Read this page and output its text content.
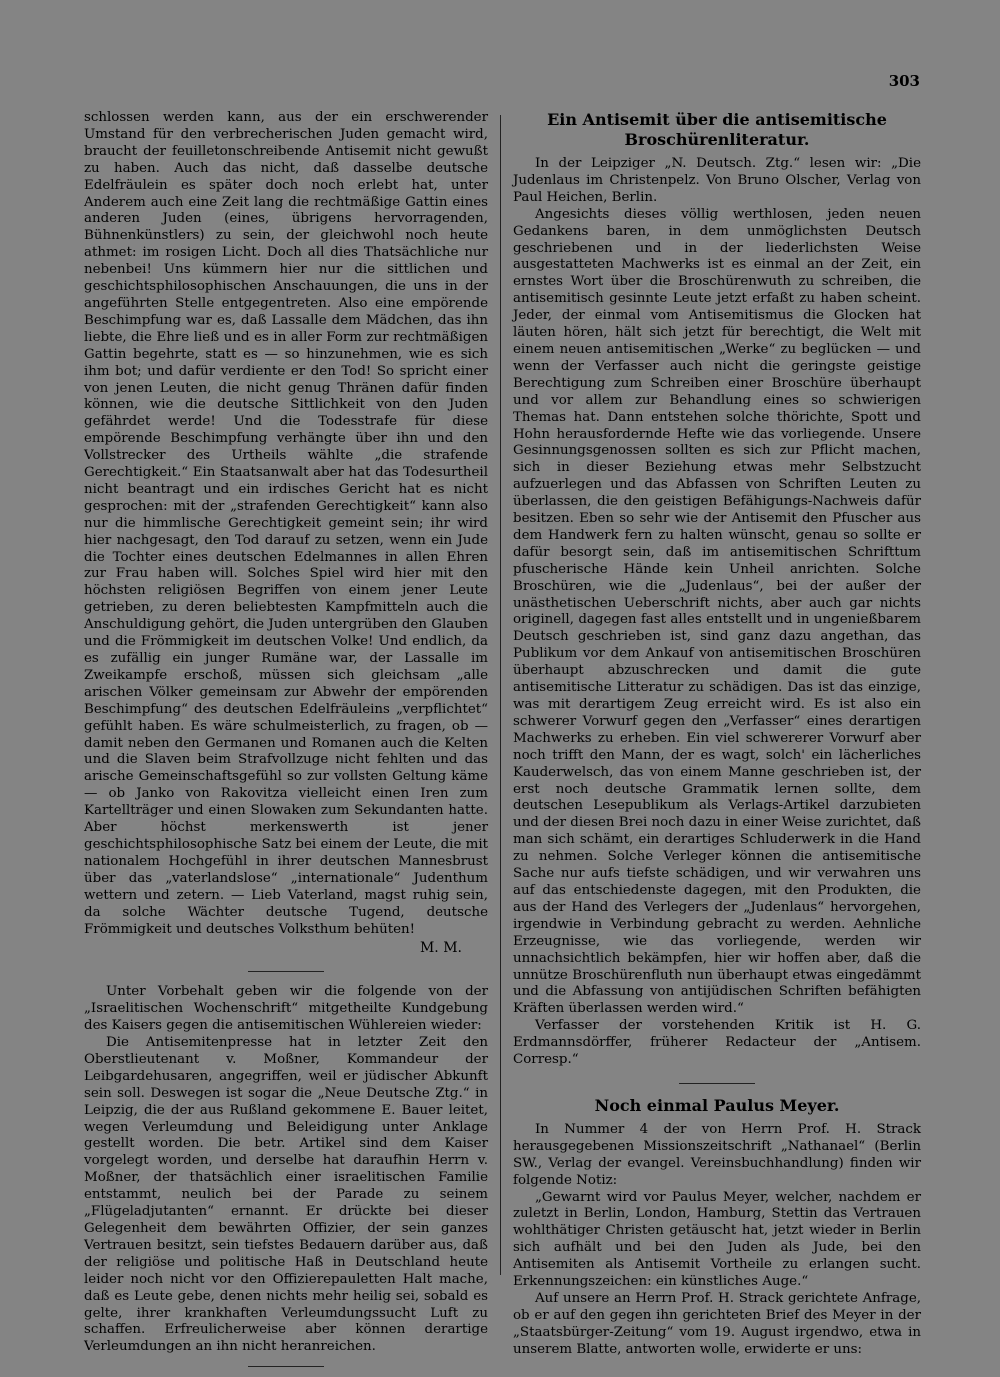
303

schlossen werden kann, aus der ein erschwerender Umstand für den verbrecherischen Juden gemacht wird, braucht der feuilletonschreibende Antisemit nicht gewußt zu haben. Auch das nicht, daß dasselbe deutsche Edelfräulein es später doch noch erlebt hat, unter Anderem auch eine Zeit lang die rechtmäßige Gattin eines anderen Juden (eines, übrigens hervorragenden, Bühnenkünstlers) zu sein, der gleichwohl noch heute athmet: im rosigen Licht. Doch all dies Thatsächliche nur nebenbei! Uns kümmern hier nur die sittlichen und geschichtsphilosophischen Anschauungen, die uns in der angeführten Stelle entgegentreten. Also eine empörende Beschimpfung war es, daß Lassalle dem Mädchen, das ihn liebte, die Ehre ließ und es in aller Form zur rechtmäßigen Gattin begehrte, statt es — so hinzunehmen, wie es sich ihm bot; und dafür verdiente er den Tod! So spricht einer von jenen Leuten, die nicht genug Thränen dafür finden können, wie die deutsche Sittlichkeit von den Juden gefährdet werde! Und die Todesstrafe für diese empörende Beschimpfung verhängte über ihn und den Vollstrecker des Urtheils wählte „die strafende Gerechtigkeit.“ Ein Staatsanwalt aber hat das Todesurtheil nicht beantragt und ein irdisches Gericht hat es nicht gesprochen: mit der „strafenden Gerechtigkeit“ kann also nur die himmlische Gerechtigkeit gemeint sein; ihr wird hier nachgesagt, den Tod darauf zu setzen, wenn ein Jude die Tochter eines deutschen Edelmannes in allen Ehren zur Frau haben will. Solches Spiel wird hier mit den höchsten religiösen Begriffen von einem jener Leute getrieben, zu deren beliebtesten Kampfmitteln auch die Anschuldigung gehört, die Juden untergrüben den Glauben und die Frömmigkeit im deutschen Volke! Und endlich, da es zufällig ein junger Rumäne war, der Lassalle im Zweikampfe erschoß, müssen sich gleichsam „alle arischen Völker gemeinsam zur Abwehr der empörenden Beschimpfung“ des deutschen Edelfräuleins „verpflichtet“ gefühlt haben. Es wäre schulmeisterlich, zu fragen, ob — damit neben den Germanen und Romanen auch die Kelten und die Slaven beim Strafvollzuge nicht fehlten und das arische Gemeinschaftsgefühl so zur vollsten Geltung käme — ob Janko von Rakovitza vielleicht einen Iren zum Kartellträger und einen Slowaken zum Sekundanten hatte. Aber höchst merkenswerth ist jener geschichtsphilosophische Satz bei einem der Leute, die mit nationalem Hochgefühl in ihrer deutschen Mannesbrust über das „vaterlandslose“ „internationale“ Judenthum wettern und zetern. — Lieb Vaterland, magst ruhig sein, da solche Wächter deutsche Tugend, deutsche Frömmigkeit und deutsches Volksthum behüten!

M. M.

Unter Vorbehalt geben wir die folgende von der „Israelitischen Wochenschrift“ mitgetheilte Kundgebung des Kaisers gegen die antisemitischen Wühlereien wieder:

Die Antisemitenpresse hat in letzter Zeit den Oberstlieutenant v. Moßner, Kommandeur der Leibgardehusaren, angegriffen, weil er jüdischer Abkunft sein soll. Deswegen ist sogar die „Neue Deutsche Ztg.“ in Leipzig, die der aus Rußland gekommene E. Bauer leitet, wegen Verleumdung und Beleidigung unter Anklage gestellt worden. Die betr. Artikel sind dem Kaiser vorgelegt worden, und derselbe hat daraufhin Herrn v. Moßner, der thatsächlich einer israelitischen Familie entstammt, neulich bei der Parade zu seinem „Flügeladjutanten“ ernannt. Er drückte bei dieser Gelegenheit dem bewährten Offizier, der sein ganzes Vertrauen besitzt, sein tiefstes Bedauern darüber aus, daß der religiöse und politische Haß in Deutschland heute leider noch nicht vor den Offizierepauletten Halt mache, daß es Leute gebe, denen nichts mehr heilig sei, sobald es gelte, ihrer krankhaften Verleumdungssucht Luft zu schaffen. Erfreulicherweise aber können derartige Verleumdungen an ihn nicht heranreichen.

Ein Antisemit über die antisemitische Broschürenliteratur.

In der Leipziger „N. Deutsch. Ztg.“ lesen wir: „Die Judenlaus im Christenpelz. Von Bruno Olscher, Verlag von Paul Heichen, Berlin.

Angesichts dieses völlig werthlosen, jeden neuen Gedankens baren, in dem unmöglichsten Deutsch geschriebenen und in der liederlichsten Weise ausgestatteten Machwerks ist es einmal an der Zeit, ein ernstes Wort über die Broschürenwuth zu schreiben, die antisemitisch gesinnte Leute jetzt erfaßt zu haben scheint. Jeder, der einmal vom Antisemitismus die Glocken hat läuten hören, hält sich jetzt für berechtigt, die Welt mit einem neuen antisemitischen „Werke“ zu beglücken — und wenn der Verfasser auch nicht die geringste geistige Berechtigung zum Schreiben einer Broschüre überhaupt und vor allem zur Behandlung eines so schwierigen Themas hat. Dann entstehen solche thörichte, Spott und Hohn herausfordernde Hefte wie das vorliegende. Unsere Gesinnungsgenossen sollten es sich zur Pflicht machen, sich in dieser Beziehung etwas mehr Selbstzucht aufzuerlegen und das Abfassen von Schriften Leuten zu überlassen, die den geistigen Befähigungs-Nachweis dafür besitzen. Eben so sehr wie der Antisemit den Pfuscher aus dem Handwerk fern zu halten wünscht, genau so sollte er dafür besorgt sein, daß im antisemitischen Schrifttum pfuscherische Hände kein Unheil anrichten. Solche Broschüren, wie die „Judenlaus“, bei der außer der unästhetischen Ueberschrift nichts, aber auch gar nichts originell, dagegen fast alles entstellt und in ungenießbarem Deutsch geschrieben ist, sind ganz dazu angethan, das Publikum vor dem Ankauf von antisemitischen Broschüren überhaupt abzuschrecken und damit die gute antisemitische Litteratur zu schädigen. Das ist das einzige, was mit derartigem Zeug erreicht wird. Es ist also ein schwerer Vorwurf gegen den „Verfasser“ eines derartigen Machwerks zu erheben. Ein viel schwererer Vorwurf aber noch trifft den Mann, der es wagt, solch' ein lächerliches Kauderwelsch, das von einem Manne geschrieben ist, der erst noch deutsche Grammatik lernen sollte, dem deutschen Lesepublikum als Verlags-Artikel darzubieten und der diesen Brei noch dazu in einer Weise zurichtet, daß man sich schämt, ein derartiges Schluderwerk in die Hand zu nehmen. Solche Verleger können die antisemitische Sache nur aufs tiefste schädigen, und wir verwahren uns auf das entschiedenste dagegen, mit den Produkten, die aus der Hand des Verlegers der „Judenlaus“ hervorgehen, irgendwie in Verbindung gebracht zu werden. Aehnliche Erzeugnisse, wie das vorliegende, werden wir unnachsichtlich bekämpfen, hier wir hoffen aber, daß die unnütze Broschürenfluth nun überhaupt etwas eingedämmt und die Abfassung von antijüdischen Schriften befähigten Kräften überlassen werden wird.“

Verfasser der vorstehenden Kritik ist H. G. Erdmannsdörffer, früherer Redacteur der „Antisem. Corresp.“

Noch einmal Paulus Meyer.

In Nummer 4 der von Herrn Prof. H. Strack herausgegebenen Missionszeitschrift „Nathanael“ (Berlin SW., Verlag der evangel. Vereinsbuchhandlung) finden wir folgende Notiz:

„Gewarnt wird vor Paulus Meyer, welcher, nachdem er zuletzt in Berlin, London, Hamburg, Stettin das Vertrauen wohlthätiger Christen getäuscht hat, jetzt wieder in Berlin sich aufhält und bei den Juden als Jude, bei den Antisemiten als Antisemit Vortheile zu erlangen sucht. Erkennungszeichen: ein künstliches Auge.“

Auf unsere an Herrn Prof. H. Strack gerichtete Anfrage, ob er auf den gegen ihn gerichteten Brief des Meyer in der „Staatsbürger-Zeitung“ vom 19. August irgendwo, etwa in unserem Blatte, antworten wolle, erwiderte er uns:
